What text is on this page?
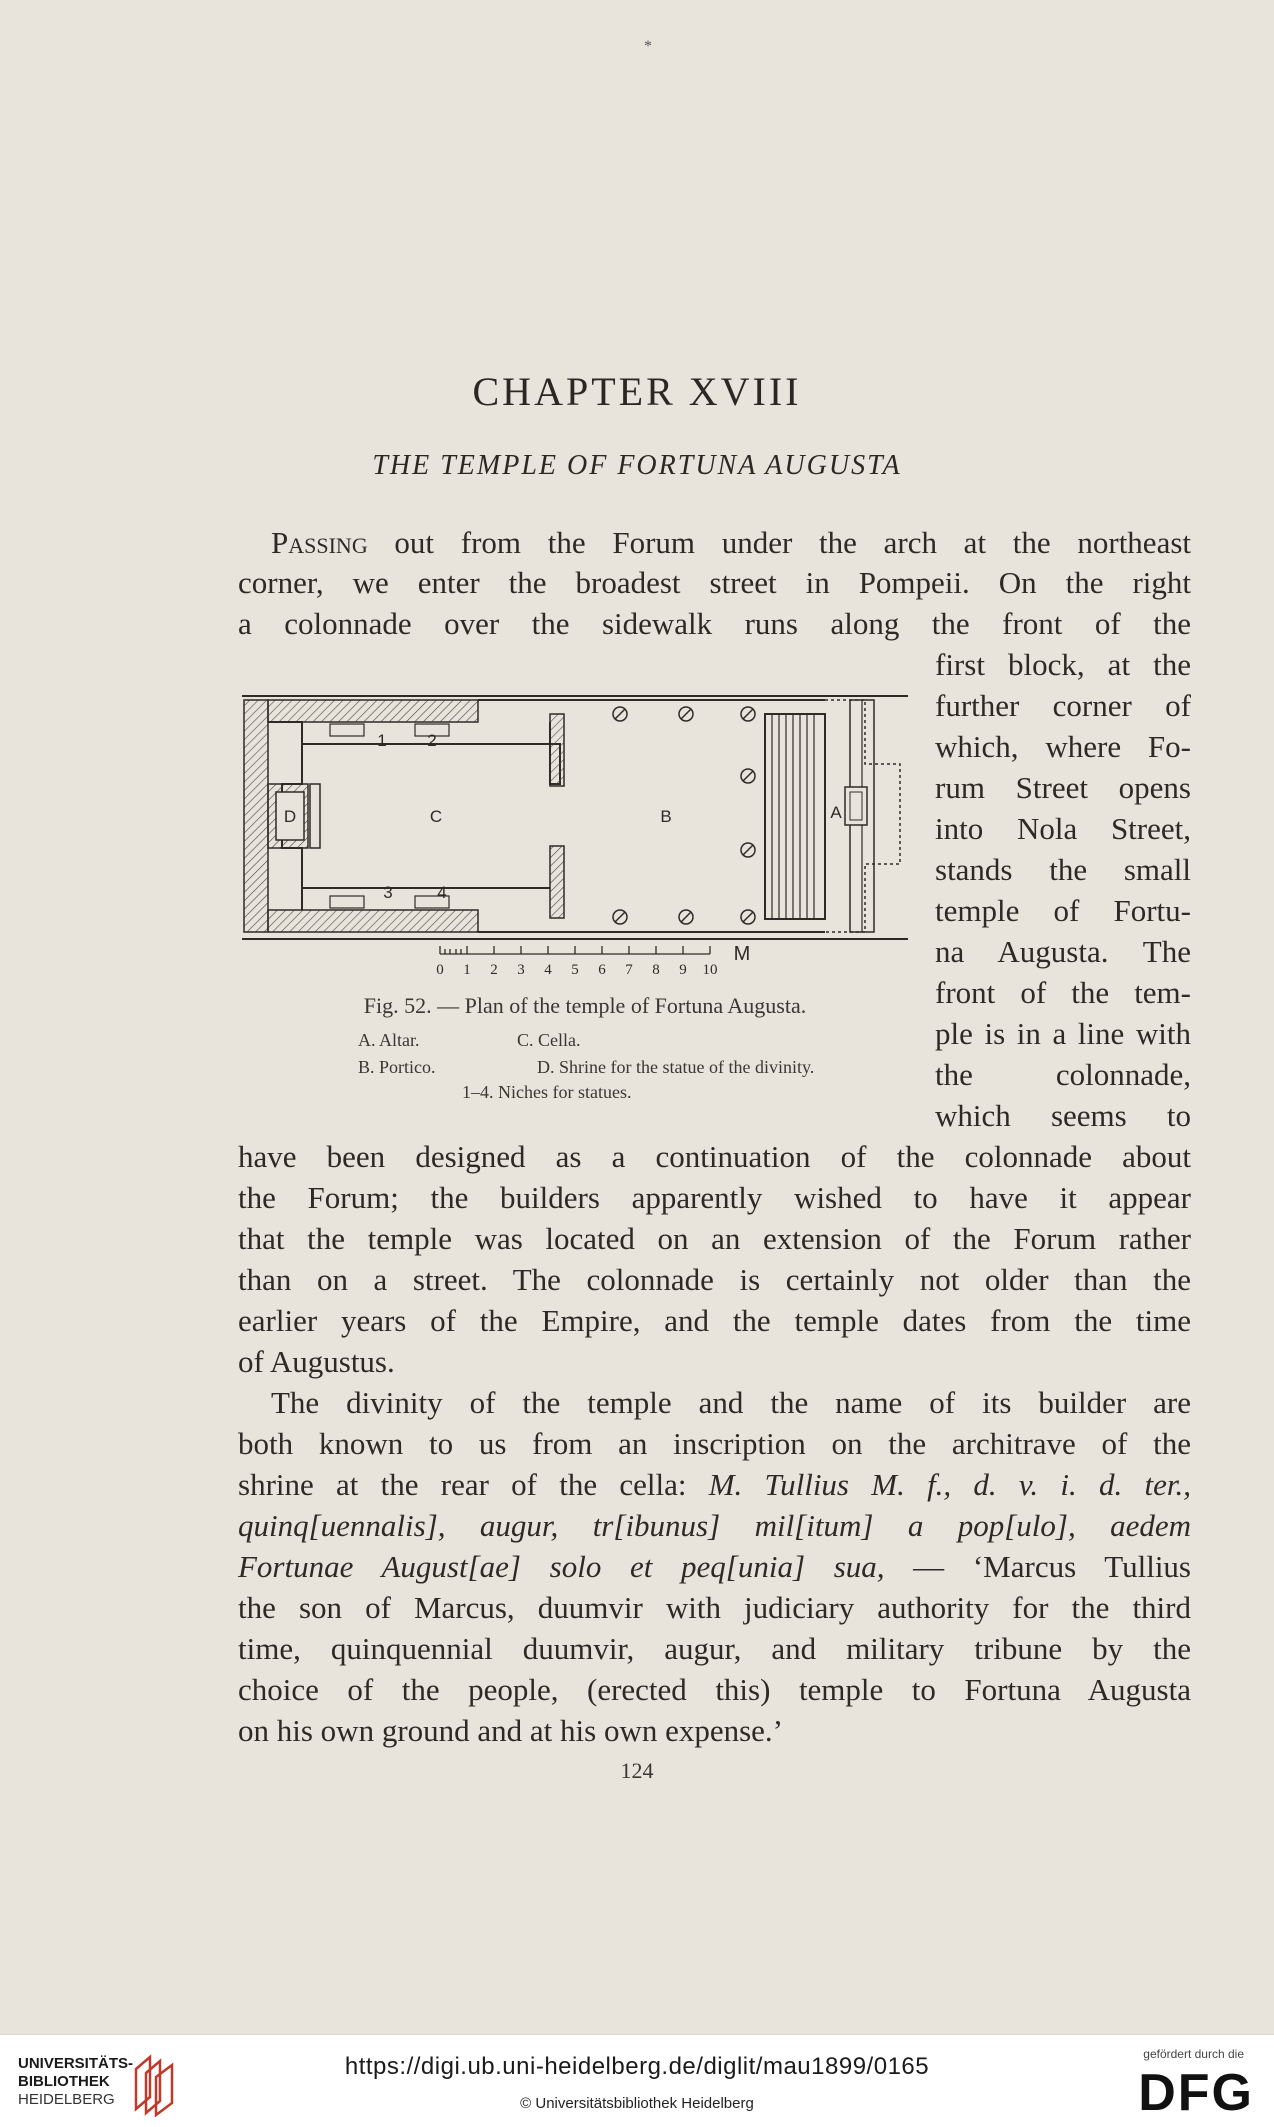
*
CHAPTER XVIII
THE TEMPLE OF FORTUNA AUGUSTA
Passing out from the Forum under the arch at the northeast
corner, we enter the broadest street in Pompeii. On the right
a colonnade over the sidewalk runs along the front of the
first block, at the
further corner of
which, where Fo-
rum Street opens
into Nola Street,
stands the small
temple of Fortu-
na Augusta. The
front of the tem-
ple is in a line with
the colonnade,
which seems to
1 2
3	4
C	B	A
D
M
0 1 2 3 4 5 6 7 8 9 10
Fig. 52. — Plan of the temple of Fortuna Augusta.
A. Altar.	C. Cella.
B. Portico.	D. Shrine for the statue of the divinity.
1–4. Niches for statues.
have been designed as a continuation of the colonnade about
the Forum; the builders apparently wished to have it appear
that the temple was located on an extension of the Forum rather
than on a street. The colonnade is certainly not older than the
earlier years of the Empire, and the temple dates from the time
of Augustus.
The divinity of the temple and the name of its builder are
both known to us from an inscription on the architrave of the
shrine at the rear of the cella: M. Tullius M. f., d. v. i. d. ter.,
quinq[uennalis], augur, tr[ibunus] mil[itum] a pop[ulo], aedem
Fortunae August[ae] solo et peq[unia] sua, — ‘Marcus Tullius
the son of Marcus, duumvir with judiciary authority for the third
time, quinquennial duumvir, augur, and military tribune by the
choice of the people, (erected this) temple to Fortuna Augusta
on his own ground and at his own expense.’
124
UNIVERSITÄTS-
BIBLIOTHEK
HEIDELBERG
https://digi.ub.uni-heidelberg.de/diglit/mau1899/0165
© Universitätsbibliothek Heidelberg
gefördert durch die
DFG
